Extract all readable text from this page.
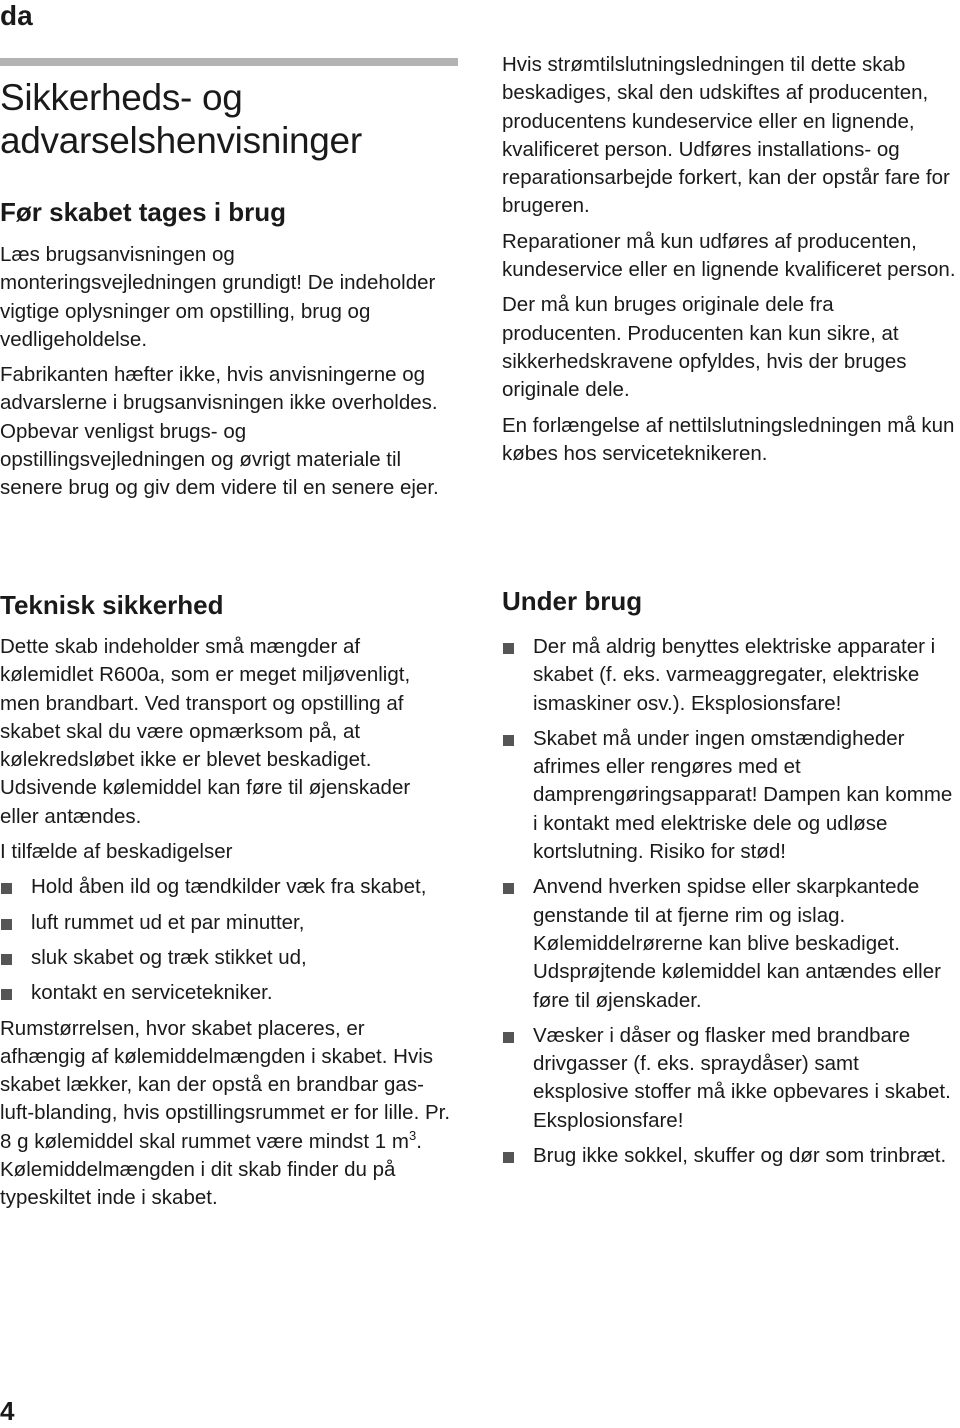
da
Sikkerheds- og
advarselshenvisninger
Før skabet tages i brug

Læs brugsanvisningen og monteringsvejledningen grundigt! De indeholder vigtige oplysninger om opstilling, brug og vedligeholdelse.

Fabrikanten hæfter ikke, hvis anvisningerne og advarslerne i brugsanvisningen ikke overholdes. Opbevar venligst brugs- og opstillingsvejledningen og øvrigt materiale til senere brug og giv dem videre til en senere ejer.

Teknisk sikkerhed

Dette skab indeholder små mængder af kølemidlet R600a, som er meget miljøvenligt, men brandbart. Ved transport og opstilling af skabet skal du være opmærksom på, at kølekredsløbet ikke er blevet beskadiget. Udsivende kølemiddel kan føre til øjenskader eller antændes.

I tilfælde af beskadigelser

Hold åben ild og tændkilder væk fra skabet,
luft rummet ud et par minutter,
sluk skabet og træk stikket ud,
kontakt en servicetekniker.

Rumstørrelsen, hvor skabet placeres, er afhængig af kølemiddelmængden i skabet. Hvis skabet lækker, kan der opstå en brandbar gas-luft-blanding, hvis opstillingsrummet er for lille. Pr. 8 g kølemiddel skal rummet være mindst 1 $m^3$. Kølemiddelmængden i dit skab finder du på typeskiltet inde i skabet.

Hvis strømtilslutningsledningen til dette skab beskadiges, skal den udskiftes af producenten, producentens kundeservice eller en lignende, kvalificeret person. Udføres installations- og reparationsarbejde forkert, kan der opstår fare for brugeren.

Reparationer må kun udføres af producenten, kundeservice eller en lignende kvalificeret person.

Der må kun bruges originale dele fra producenten. Producenten kan kun sikre, at sikkerhedskravene opfyldes, hvis der bruges originale dele.

En forlængelse af nettilslutningsledningen må kun købes hos serviceteknikeren.

Under brug
Der må aldrig benyttes elektriske apparater i skabet (f. eks. varmeaggregater, elektriske ismaskiner osv.). Eksplosionsfare!
Skabet må under ingen omstændigheder afrimes eller rengøres med et damprengøringsapparat! Dampen kan komme i kontakt med elektriske dele og udløse kortslutning. Risiko for stød!
Anvend hverken spidse eller skarpkantede genstande til at fjerne rim og islag. Kølemiddelrørerne kan blive beskadiget. Udsprøjtende kølemiddel kan antændes eller føre til øjenskader.
Væsker i dåser og flasker med brandbare drivgasser (f. eks. spraydåser) samt eksplosive stoffer må ikke opbevares i skabet. Eksplosionsfare!
Brug ikke sokkel, skuffer og dør som trinbræt.
4
